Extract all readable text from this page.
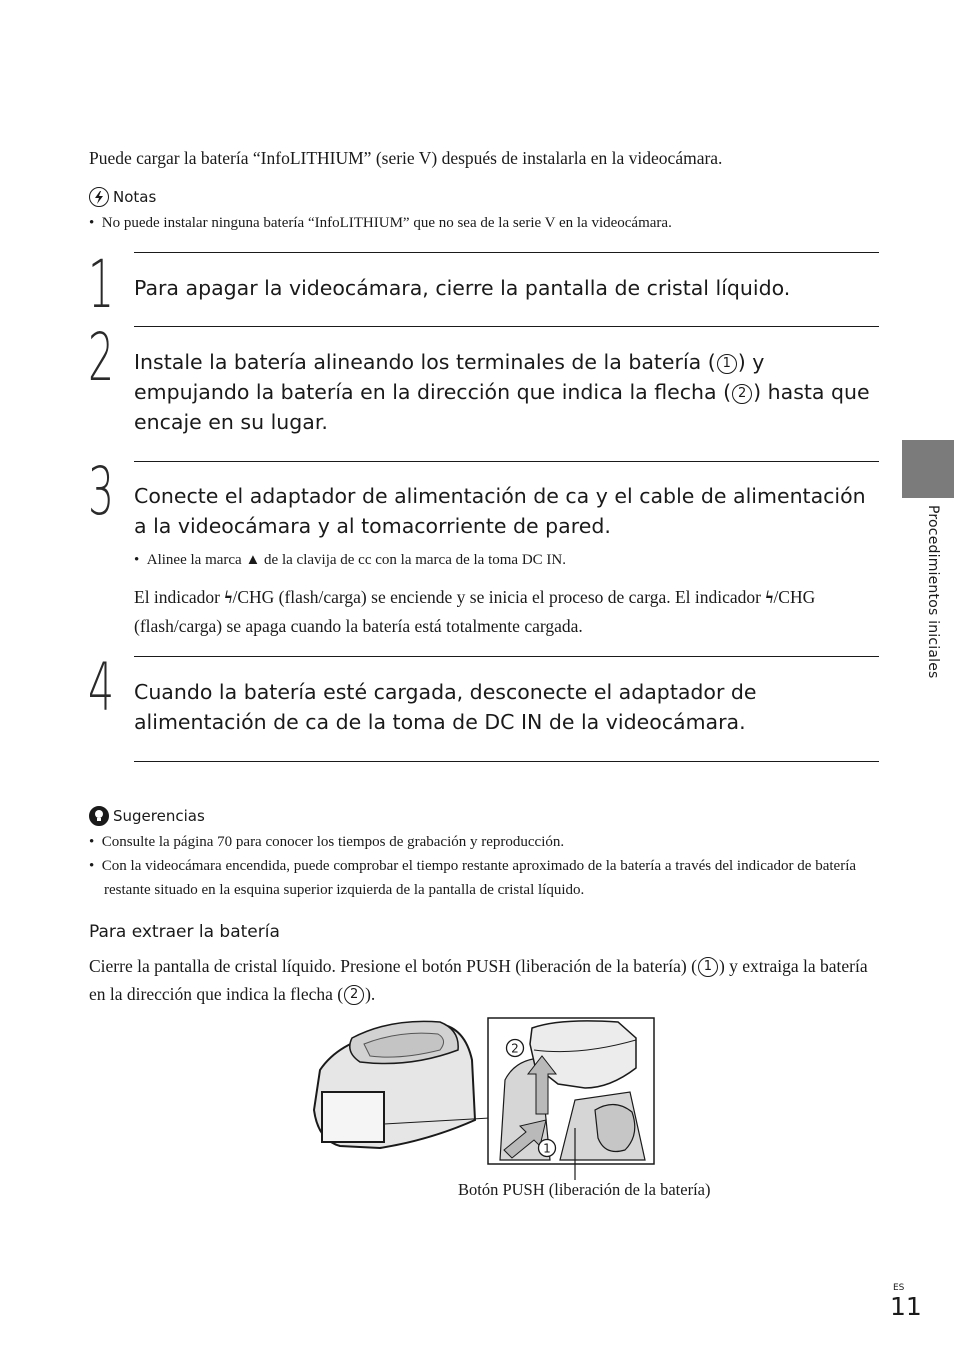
Puede cargar la batería “InfoLITHIUM” (serie V) después de instalarla en la videocámara.
Notas
• No puede instalar ninguna batería “InfoLITHIUM” que no sea de la serie V en la videocámara.
1 Para apagar la videocámara, cierre la pantalla de cristal líquido.
2 Instale la batería alineando los terminales de la batería ( 1 ) y empujando la batería en la dirección que indica la flecha ( 2 ) hasta que encaje en su lugar.
3 Conecte el adaptador de alimentación de ca y el cable de alimentación a la videocámara y al tomacorriente de pared.
• Alinee la marca ▲ de la clavija de cc con la marca de la toma DC IN.
El indicador ϟ/CHG (flash/carga) se enciende y se inicia el proceso de carga. El indicador ϟ/CHG (flash/carga) se apaga cuando la batería está totalmente cargada.
4 Cuando la batería esté cargada, desconecte el adaptador de alimentación de ca de la toma de DC IN de la videocámara.
Sugerencias
• Consulte la página 70 para conocer los tiempos de grabación y reproducción.
• Con la videocámara encendida, puede comprobar el tiempo restante aproximado de la batería a través del indicador de batería restante situado en la esquina superior izquierda de la pantalla de cristal líquido.
Para extraer la batería
Cierre la pantalla de cristal líquido. Presione el botón PUSH (liberación de la batería) ( 1 ) y extraiga la batería en la dirección que indica la flecha ( 2 ).
2
1
Botón PUSH (liberación de la batería)
Procedimientos iniciales
ES
11
